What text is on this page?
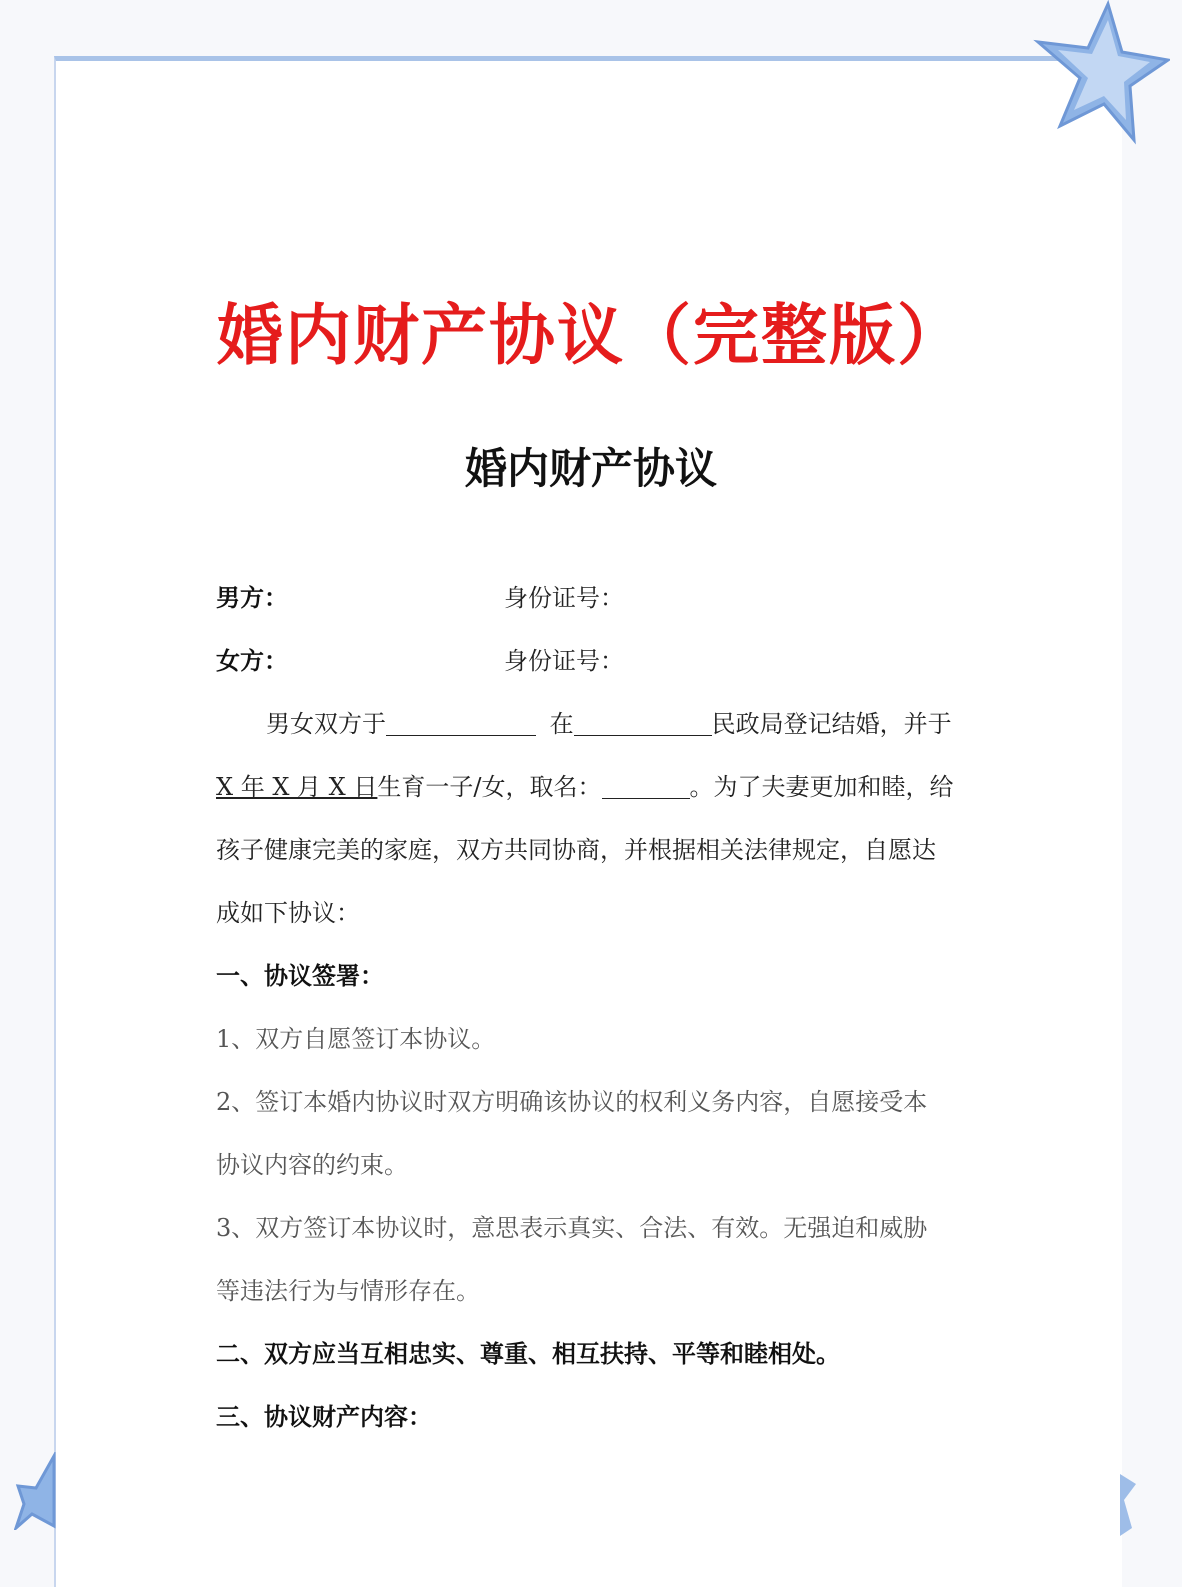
婚内财产协议（完整版）
婚内财产协议
男方：	身份证号：
女方：	身份证号：
男女双方于	在	民政局登记结婚，并于
X 年 X 月 X 日生育一子/女，取名：	。为了夫妻更加和睦，给
孩子健康完美的家庭，双方共同协商，并根据相关法律规定，自愿达
成如下协议：
一、协议签署：
1、双方自愿签订本协议。
2、签订本婚内协议时双方明确该协议的权利义务内容，自愿接受本
协议内容的约束。
3、双方签订本协议时，意思表示真实、合法、有效。无强迫和威胁
等违法行为与情形存在。
二、双方应当互相忠实、尊重、相互扶持、平等和睦相处。
三、协议财产内容：
